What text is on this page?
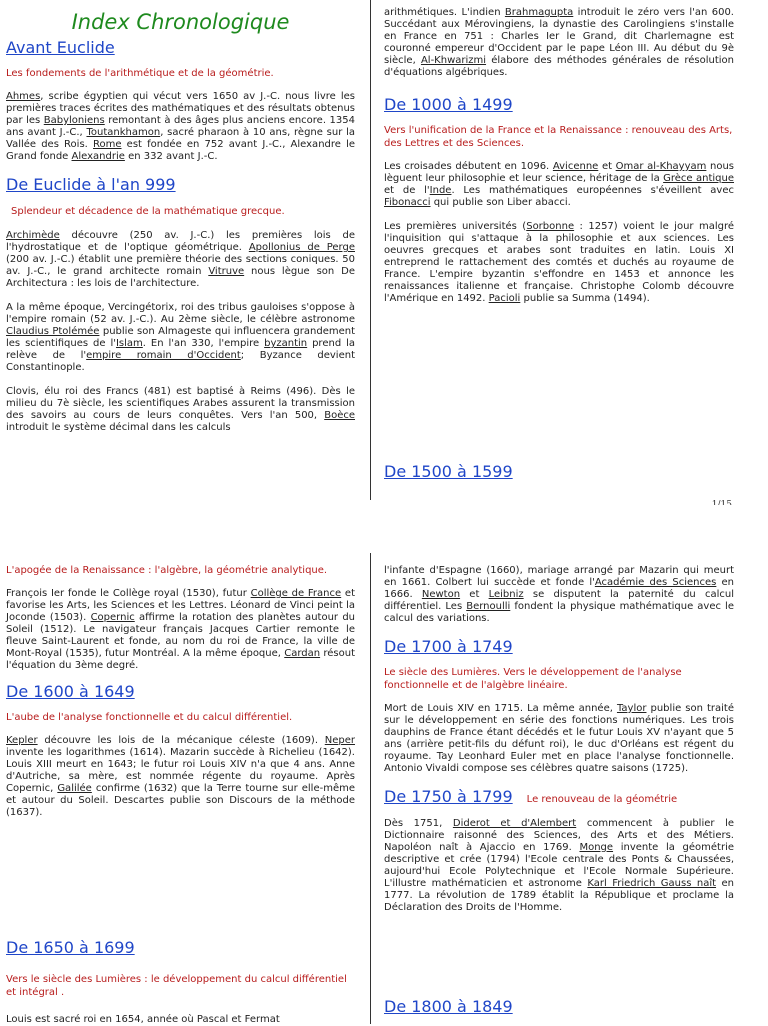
Index Chronologique
Avant Euclide

Les fondements de l'arithmétique et de la géométrie.

Ahmes, scribe égyptien qui vécut vers 1650 av J.-C. nous livre les premières traces écrites des mathématiques et des résultats obtenus par les Babyloniens remontant à des âges plus anciens encore. 1354 ans avant J.-C., Toutankhamon, sacré pharaon à 10 ans, règne sur la Vallée des Rois. Rome est fondée en 752 avant J.-C., Alexandre le Grand fonde Alexandrie en 332 avant J.-C.

De Euclide à l'an 999

Splendeur et décadence de la mathématique grecque.

Archimède découvre (250 av. J.-C.) les premières lois de l'hydrostatique et de l'optique géométrique. Apollonius de Perge (200 av. J.-C.) établit une première théorie des sections coniques. 50 av. J.-C., le grand architecte romain Vitruve nous lègue son De Architectura : les lois de l'architecture.

A la même époque, Vercingétorix, roi des tribus gauloises s'oppose à l'empire romain (52 av. J.-C.). Au 2ème siècle, le célèbre astronome Claudius Ptolémée publie son Almageste qui influencera grandement les scientifiques de l'Islam. En l'an 330, l'empire byzantin prend la relève de l'empire romain d'Occident; Byzance devient Constantinople.

Clovis, élu roi des Francs (481) est baptisé à Reims (496). Dès le milieu du 7è siècle, les scientifiques Arabes assurent la transmission des savoirs au cours de leurs conquêtes. Vers l'an 500, Boèce introduit le système décimal dans les calculs

arithmétiques. L'indien Brahmagupta introduit le zéro vers l'an 600. Succédant aux Mérovingiens, la dynastie des Carolingiens s'installe en France en 751 : Charles Ier le Grand, dit Charlemagne est couronné empereur d'Occident par le pape Léon III. Au début du 9è siècle, Al-Khwarizmi élabore des méthodes générales de résolution d'équations algébriques.

De 1000 à 1499

Vers l'unification de la France et la Renaissance : renouveau des Arts, des Lettres et des Sciences.

Les croisades débutent en 1096. Avicenne et Omar al-Khayyam nous lèguent leur philosophie et leur science, héritage de la Grèce antique et de l'Inde. Les mathématiques européennes s'éveillent avec Fibonacci qui publie son Liber abacci.

Les premières universités (Sorbonne : 1257) voient le jour malgré l'inquisition qui s'attaque à la philosophie et aux sciences. Les oeuvres grecques et arabes sont traduites en latin. Louis XI entreprend le rattachement des comtés et duchés au royaume de France. L'empire byzantin s'effondre en 1453 et annonce les renaissances italienne et française. Christophe Colomb découvre l'Amérique en 1492. Pacioli publie sa Summa (1494).

De 1500 à 1599

L'apogée de la Renaissance : l'algèbre, la géométrie analytique.

François Ier fonde le Collège royal (1530), futur Collège de France et favorise les Arts, les Sciences et les Lettres. Léonard de Vinci peint la Joconde (1503). Copernic affirme la rotation des planètes autour du Soleil (1512). Le navigateur français Jacques Cartier remonte le fleuve Saint-Laurent et fonde, au nom du roi de France, la ville de Mont-Royal (1535), futur Montréal. A la même époque, Cardan résout l'équation du 3ème degré.

De 1600 à 1649

L'aube de l'analyse fonctionnelle et du calcul différentiel.

Kepler découvre les lois de la mécanique céleste (1609). Neper invente les logarithmes (1614). Mazarin succède à Richelieu (1642). Louis XIII meurt en 1643; le futur roi Louis XIV n'a que 4 ans. Anne d'Autriche, sa mère, est nommée régente du royaume. Après Copernic, Galilée confirme (1632) que la Terre tourne sur elle-même et autour du Soleil. Descartes publie son Discours de la méthode (1637).

De 1650 à 1699

Vers le siècle des Lumières : le développement du calcul différentiel et intégral .

Louis est sacré roi en 1654, année où Pascal et Fermat

l'infante d'Espagne (1660), mariage arrangé par Mazarin qui meurt en 1661. Colbert lui succède et fonde l'Académie des Sciences en 1666. Newton et Leibniz se disputent la paternité du calcul différentiel. Les Bernoulli fondent la physique mathématique avec le calcul des variations.

De 1700 à 1749

Le siècle des Lumières. Vers le développement de l'analyse fonctionnelle et de l'algèbre linéaire.

Mort de Louis XIV en 1715. La même année, Taylor publie son traité sur le développement en série des fonctions numériques. Les trois dauphins de France étant décédés et le futur Louis XV n'ayant que 5 ans (arrière petit-fils du défunt roi), le duc d'Orléans est régent du royaume. Tay Leonhard Euler met en place l'analyse fonctionnelle. Antonio Vivaldi compose ses célèbres quatre saisons (1725).

De 1750 à 1799 Le renouveau de la géométrie

Dès 1751, Diderot et d'Alembert commencent à publier le Dictionnaire raisonné des Sciences, des Arts et des Métiers. Napoléon naît à Ajaccio en 1769. Monge invente la géométrie descriptive et crée (1794) l'Ecole centrale des Ponts & Chaussées, aujourd'hui Ecole Polytechnique et l'Ecole Normale Supérieure. L'illustre mathématicien et astronome Karl Friedrich Gauss naît en 1777. La révolution de 1789 établit la République et proclame la Déclaration des Droits de l'Homme.

De 1800 à 1849
